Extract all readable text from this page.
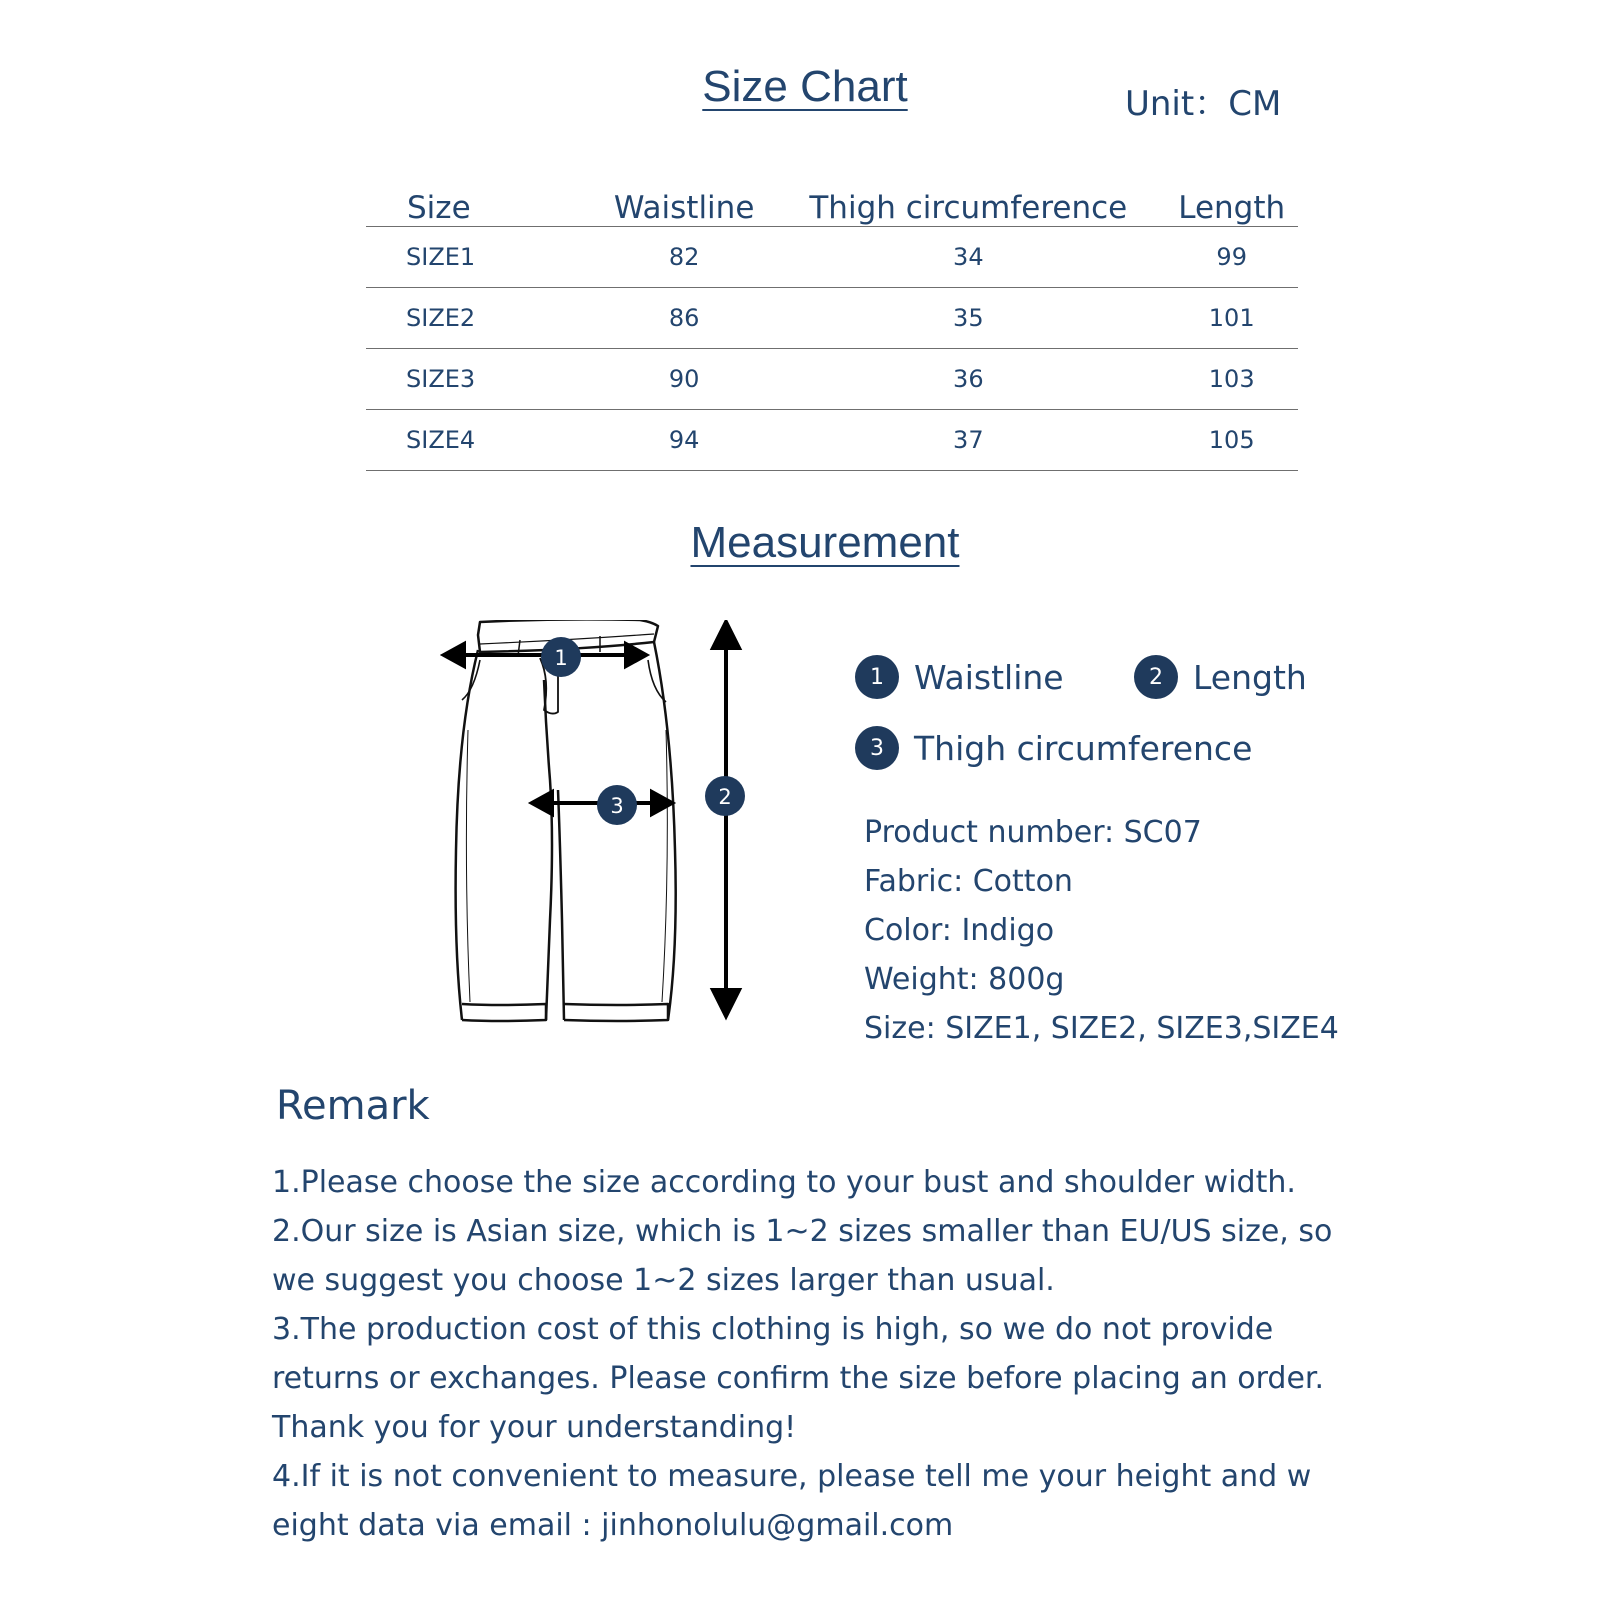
Size Chart	Unit：CM
Size	Waistline	Thigh circumference	Length
SIZE1	82	34	99
SIZE2	86	35	101
SIZE3	90	36	103
SIZE4	94	37	105
Measurement
1
3	2
1 Waistline	2 Length
3 Thigh circumference
Product number: SC07
Fabric: Cotton
Color: Indigo
Weight: 800g
Size: SIZE1, SIZE2, SIZE3,SIZE4
Remark
1.Please choose the size according to your bust and shoulder width.
2.Our size is Asian size, which is 1~2 sizes smaller than EU/US size, so
we suggest you choose 1~2 sizes larger than usual.
3.The production cost of this clothing is high, so we do not provide
returns or exchanges. Please confirm the size before placing an order.
Thank you for your understanding!
4.If it is not convenient to measure, please tell me your height and w
eight data via email : jinhonolulu@gmail.com
